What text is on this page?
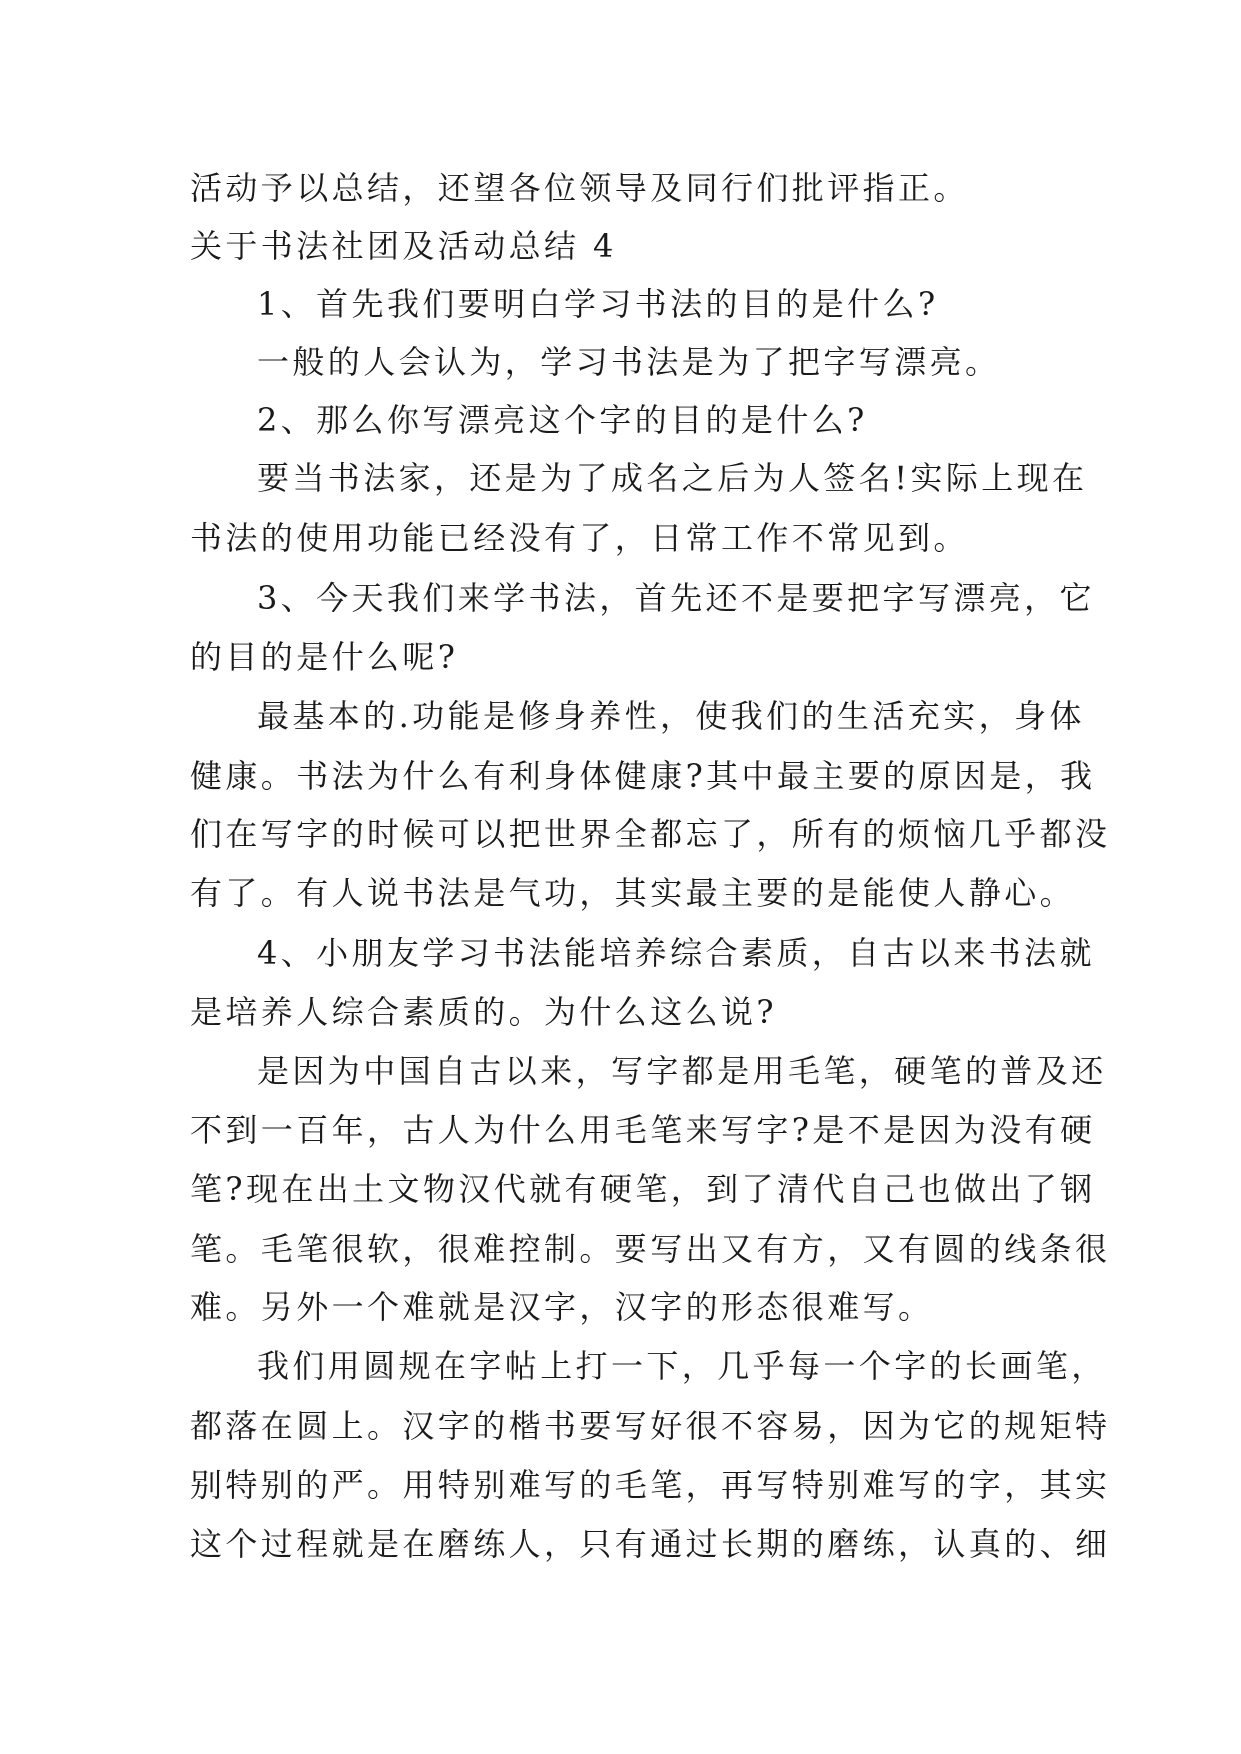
活动予以总结，还望各位领导及同行们批评指正。
关于书法社团及活动总结 4
1、首先我们要明白学习书法的目的是什么?
一般的人会认为，学习书法是为了把字写漂亮。
2、那么你写漂亮这个字的目的是什么?
要当书法家，还是为了成名之后为人签名!实际上现在
书法的使用功能已经没有了，日常工作不常见到。
3、今天我们来学书法，首先还不是要把字写漂亮，它
的目的是什么呢?
最基本的.功能是修身养性，使我们的生活充实，身体
健康。书法为什么有利身体健康?其中最主要的原因是，我
们在写字的时候可以把世界全都忘了，所有的烦恼几乎都没
有了。有人说书法是气功，其实最主要的是能使人静心。
4、小朋友学习书法能培养综合素质，自古以来书法就
是培养人综合素质的。为什么这么说?
是因为中国自古以来，写字都是用毛笔，硬笔的普及还
不到一百年，古人为什么用毛笔来写字?是不是因为没有硬
笔?现在出土文物汉代就有硬笔，到了清代自己也做出了钢
笔。毛笔很软，很难控制。要写出又有方，又有圆的线条很
难。另外一个难就是汉字，汉字的形态很难写。
我们用圆规在字帖上打一下，几乎每一个字的长画笔，
都落在圆上。汉字的楷书要写好很不容易，因为它的规矩特
别特别的严。用特别难写的毛笔，再写特别难写的字，其实
这个过程就是在磨练人，只有通过长期的磨练，认真的、细
